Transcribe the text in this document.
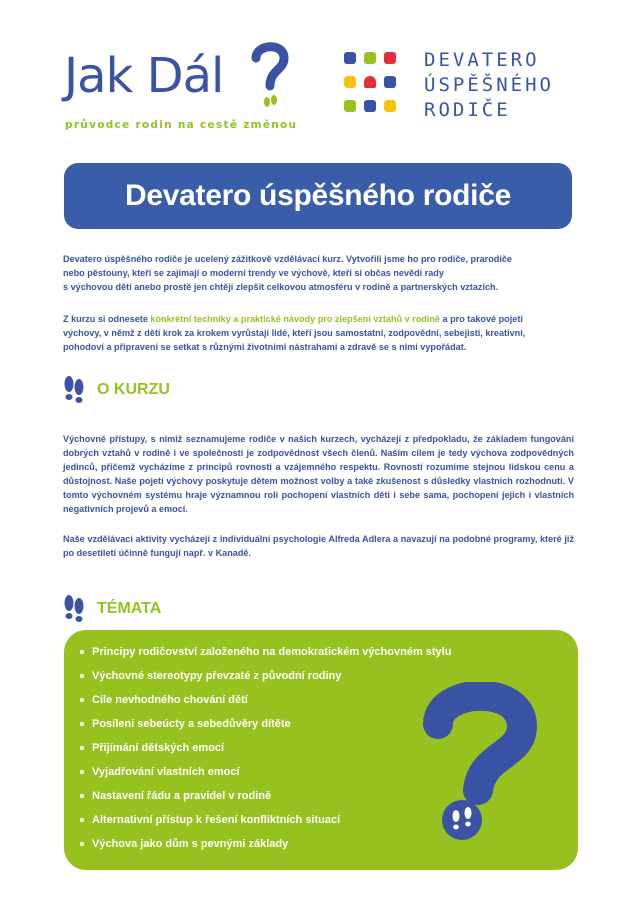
Jak Dál
průvodce rodin na cestě změnou
DEVATERO
ÚSPĚŠNÉHO
RODIČE
Devatero úspěšného rodiče
Devatero úspěšného rodiče je ucelený zážitkově vzdělávací kurz. Vytvořili jsme ho pro rodiče, prarodiče
nebo pěstouny, kteří se zajímají o moderní trendy ve výchově, kteří si občas nevědí rady
s výchovou dětí anebo prostě jen chtějí zlepšit celkovou atmosféru v rodině a partnerských vztazích.
Z kurzu si odnesete konkrétní techniky a praktické návody pro zlepšení vztahů v rodině a pro takové pojetí
výchovy, v němž z dětí krok za krokem vyrůstají lidé, kteří jsou samostatní, zodpovědní, sebejistí, kreativní,
pohodoví a připravení se setkat s různými životními nástrahami a zdravě se s nimi vypořádat.
O KURZU

Výchovné přístupy, s nimiž seznamujeme rodiče v našich kurzech, vycházejí z předpokladu, že základem fungování dobrých vztahů v rodině i ve společnosti je zodpovědnost všech členů. Naším cílem je tedy výchova zodpovědných jedinců, přičemž vycházíme z principů rovnosti a vzájemného respektu. Rovností rozumíme stejnou lidskou cenu a důstojnost. Naše pojetí výchovy poskytuje dětem možnost volby a také zkušenost s důsledky vlastních rozhodnutí. V tomto výchovném systému hraje významnou roli pochopení vlastních dětí i sebe sama, pochopení jejich i vlastních negativních projevů a emocí.

Naše vzdělávací aktivity vycházejí z individuální psychologie Alfreda Adlera a navazují na podobné programy, které již po desetiletí účinně fungují např. v Kanadě.

TÉMATA
Principy rodičovství založeného na demokratickém výchovném stylu
Výchovné stereotypy převzaté z původní rodiny
Cíle nevhodného chování dětí
Posílení sebeúcty a sebedůvěry dítěte
Přijímání dětských emocí
Vyjadřování vlastních emocí
Nastavení řádu a pravidel v rodině
Alternativní přístup k řešení konfliktních situací
Výchova jako dům s pevnými základy
